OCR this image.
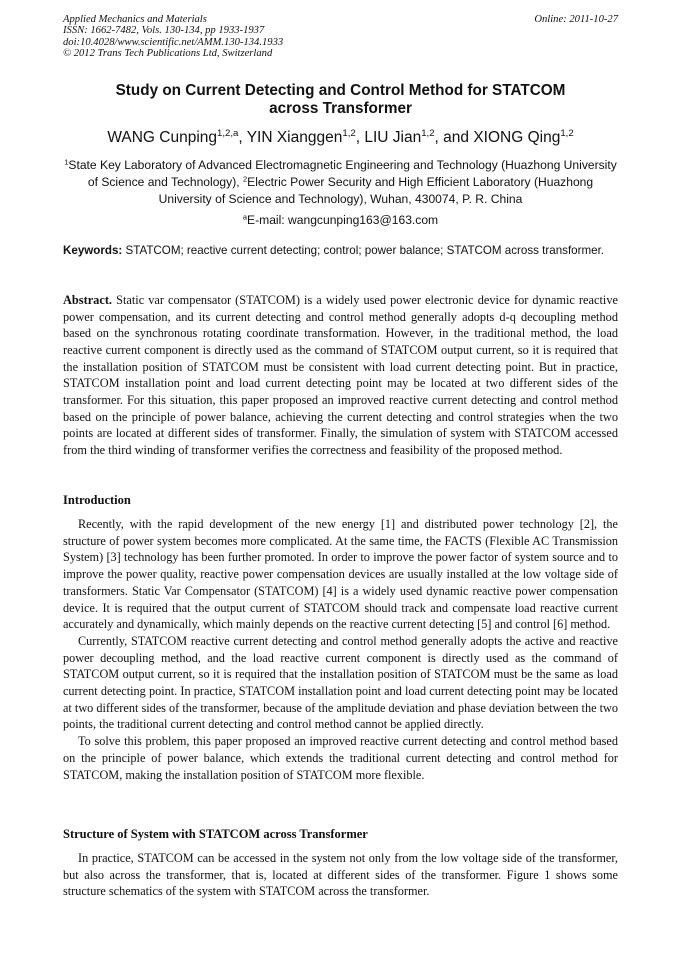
Applied Mechanics and Materials
ISSN: 1662-7482, Vols. 130-134, pp 1933-1937
doi:10.4028/www.scientific.net/AMM.130-134.1933
© 2012 Trans Tech Publications Ltd, Switzerland
Online: 2011-10-27
Study on Current Detecting and Control Method for STATCOM
across Transformer
WANG Cunping$^{1,2,a}$, YIN Xianggen$^{1,2}$, LIU Jian$^{1,2}$, and XIONG Qing$^{1,2}$
$^1$State Key Laboratory of Advanced Electromagnetic Engineering and Technology (Huazhong University of Science and Technology), $^2$Electric Power Security and High Efficient Laboratory (Huazhong University of Science and Technology), Wuhan, 430074, P. R. China
$^a$E-mail: wangcunping163@163.com
Keywords: STATCOM; reactive current detecting; control; power balance; STATCOM across transformer.
Abstract. Static var compensator (STATCOM) is a widely used power electronic device for dynamic reactive power compensation, and its current detecting and control method generally adopts d-q decoupling method based on the synchronous rotating coordinate transformation. However, in the traditional method, the load reactive current component is directly used as the command of STATCOM output current, so it is required that the installation position of STATCOM must be consistent with load current detecting point. But in practice, STATCOM installation point and load current detecting point may be located at two different sides of the transformer. For this situation, this paper proposed an improved reactive current detecting and control method based on the principle of power balance, achieving the current detecting and control strategies when the two points are located at different sides of transformer. Finally, the simulation of system with STATCOM accessed from the third winding of transformer verifies the correctness and feasibility of the proposed method.
Introduction

Recently, with the rapid development of the new energy [1] and distributed power technology [2], the structure of power system becomes more complicated. At the same time, the FACTS (Flexible AC Transmission System) [3] technology has been further promoted. In order to improve the power factor of system source and to improve the power quality, reactive power compensation devices are usually installed at the low voltage side of transformers. Static Var Compensator (STATCOM) [4] is a widely used dynamic reactive power compensation device. It is required that the output current of STATCOM should track and compensate load reactive current accurately and dynamically, which mainly depends on the reactive current detecting [5] and control [6] method.

Currently, STATCOM reactive current detecting and control method generally adopts the active and reactive power decoupling method, and the load reactive current component is directly used as the command of STATCOM output current, so it is required that the installation position of STATCOM must be the same as load current detecting point. In practice, STATCOM installation point and load current detecting point may be located at two different sides of the transformer, because of the amplitude deviation and phase deviation between the two points, the traditional current detecting and control method cannot be applied directly.

To solve this problem, this paper proposed an improved reactive current detecting and control method based on the principle of power balance, which extends the traditional current detecting and control method for STATCOM, making the installation position of STATCOM more flexible.

Structure of System with STATCOM across Transformer

In practice, STATCOM can be accessed in the system not only from the low voltage side of the transformer, but also across the transformer, that is, located at different sides of the transformer. Figure 1 shows some structure schematics of the system with STATCOM across the transformer.
